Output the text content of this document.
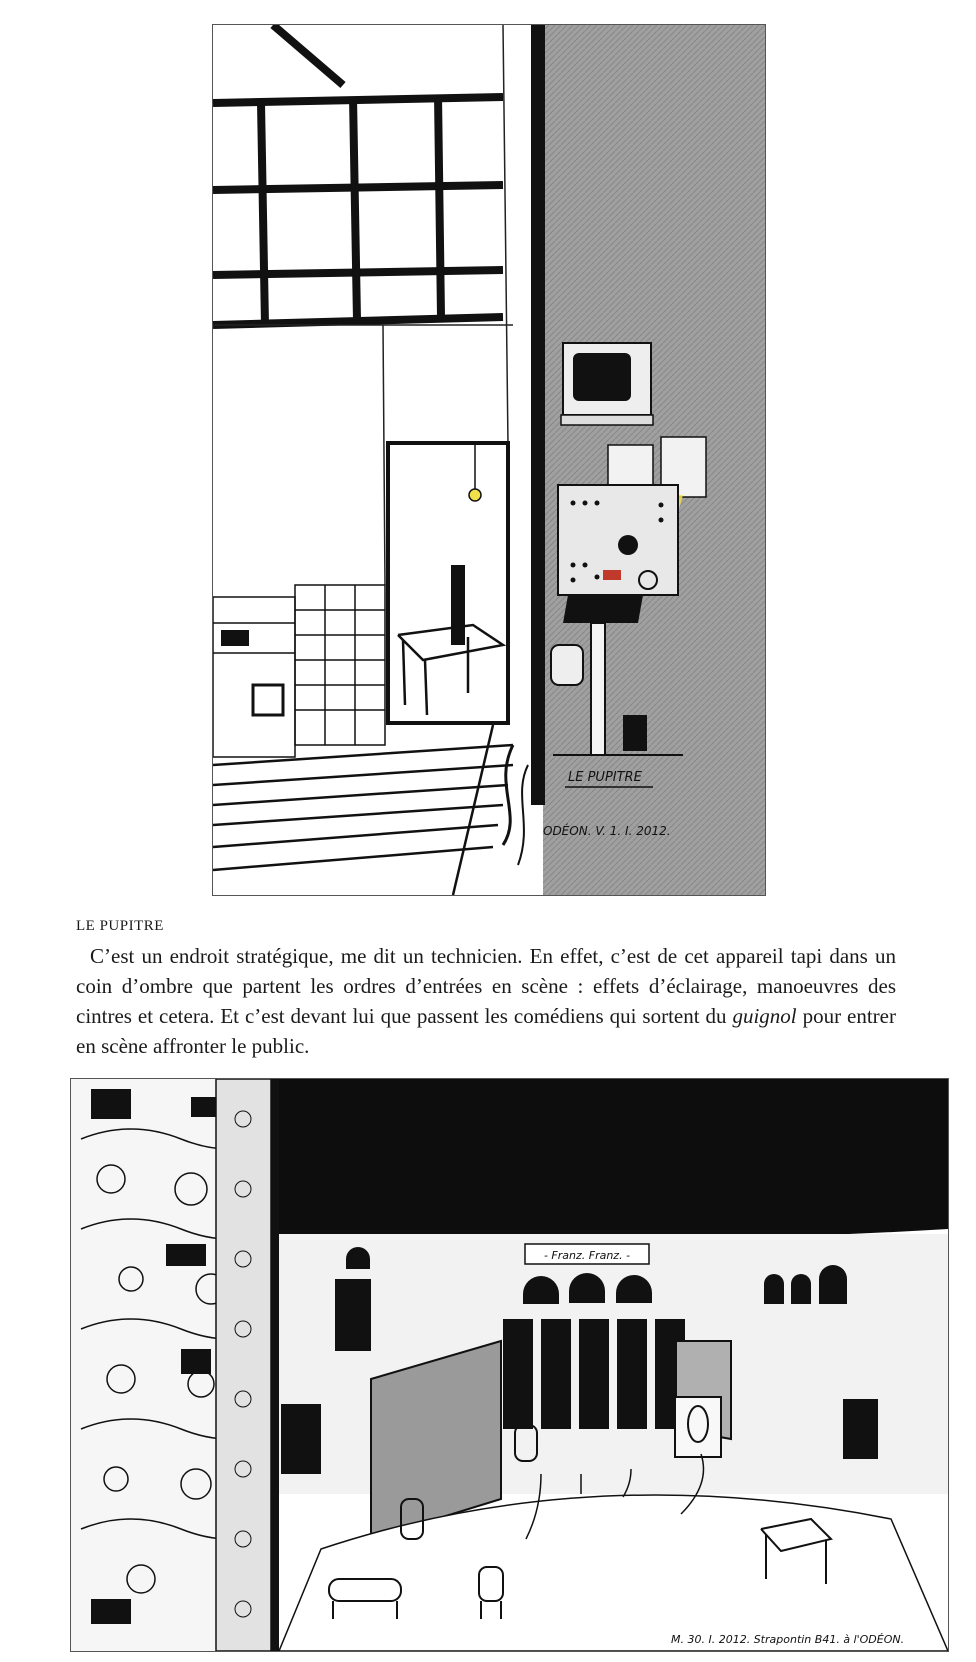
LE PUPITRE
ODÉON. V. 1. I. 2012.

LE PUPITRE

C’est un endroit stratégique, me dit un technicien. En effet, c’est de cet appareil tapi dans un coin d’ombre que partent les ordres d’entrées en scène : effets d’éclairage, manoeuvres des cintres et cetera. Et c’est devant lui que passent les comédiens qui sortent du guignol pour entrer en scène affronter le public.

- Franz. Franz. -
M. 30. I. 2012. Strapontin B41. à l'ODÉON.
